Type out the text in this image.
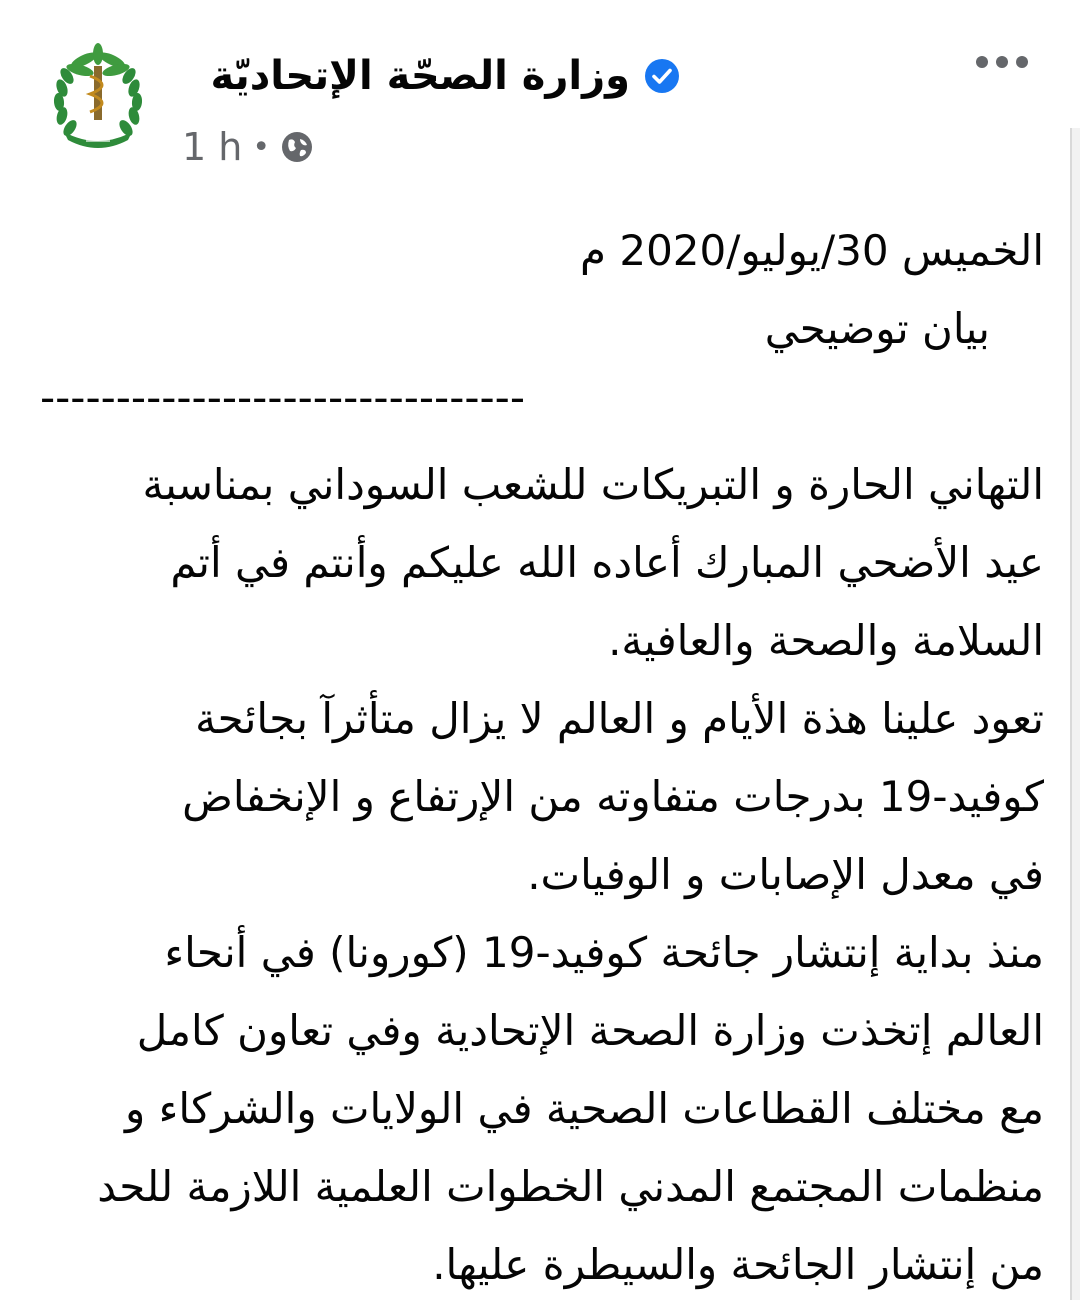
وزارة الصحّة الإتحاديّة
1 h •
الخميس 30/يوليو/2020 م
بيان توضيحي
--------------------------------
التهاني الحارة و التبريكات للشعب السوداني بمناسبة
عيد الأضحي المبارك أعاده الله عليكم وأنتم في أتم
السلامة والصحة والعافية.
تعود علينا هذة الأيام و العالم لا يزال متأثرآ بجائحة
كوفيد-19 بدرجات متفاوته من الإرتفاع و الإنخفاض
في معدل الإصابات و الوفيات.
منذ بداية إنتشار جائحة كوفيد-19 (كورونا) في أنحاء
العالم إتخذت وزارة الصحة الإتحادية وفي تعاون كامل
مع مختلف القطاعات الصحية في الولايات والشركاء و
منظمات المجتمع المدني الخطوات العلمية اللازمة للحد
من إنتشار الجائحة والسيطرة عليها.
